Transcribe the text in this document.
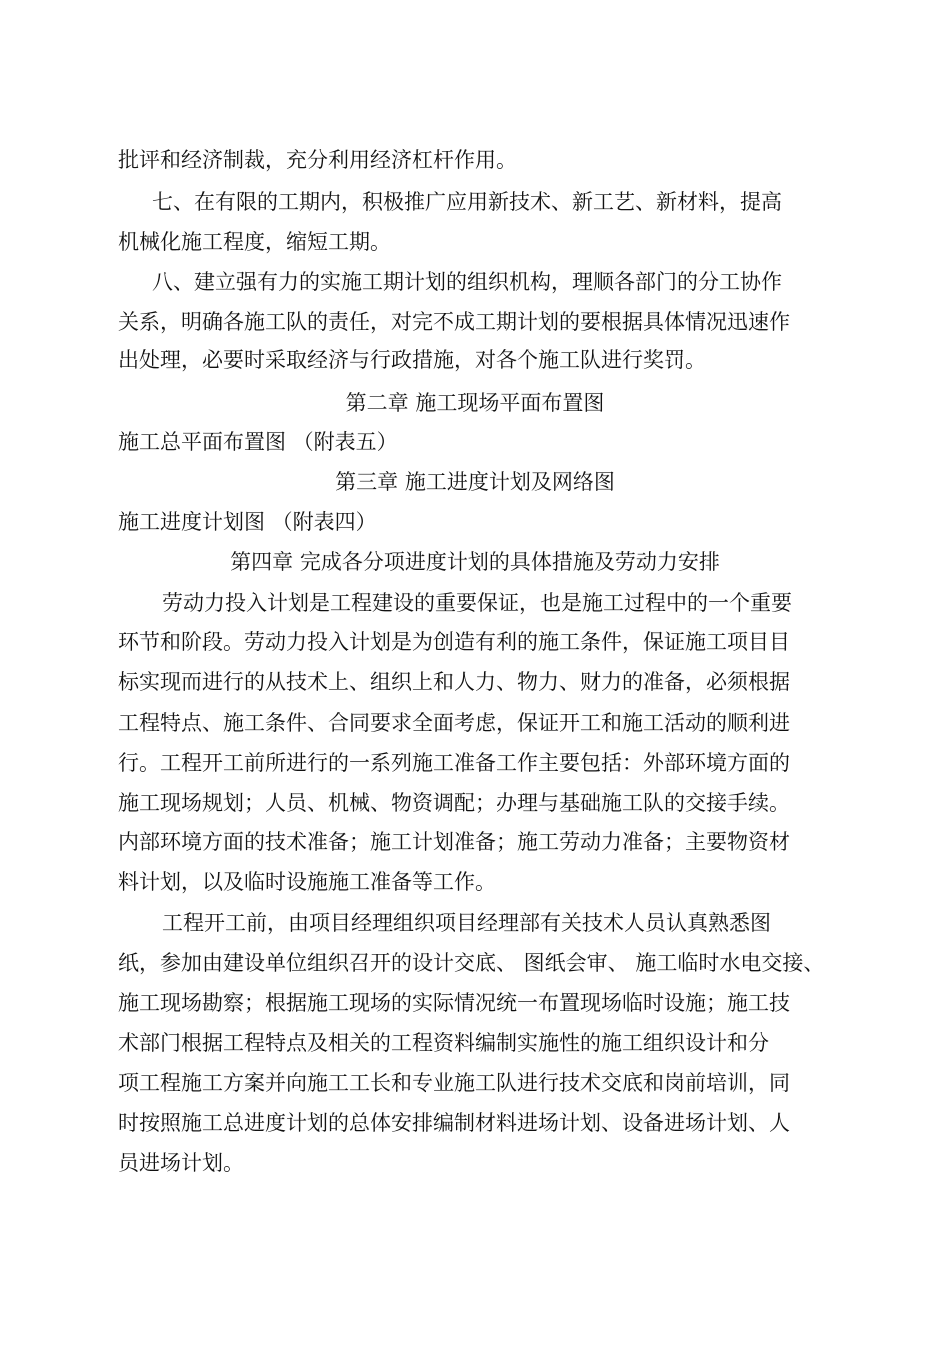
批评和经济制裁，充分利用经济杠杆作用。
七、在有限的工期内，积极推广应用新技术、新工艺、新材料，提高
机械化施工程度，缩短工期。
八、建立强有力的实施工期计划的组织机构，理顺各部门的分工协作
关系，明确各施工队的责任，对完不成工期计划的要根据具体情况迅速作
出处理，必要时采取经济与行政措施，对各个施工队进行奖罚。
第二章 施工现场平面布置图
施工总平面布置图 （附表五）
第三章 施工进度计划及网络图
施工进度计划图 （附表四）
第四章 完成各分项进度计划的具体措施及劳动力安排
劳动力投入计划是工程建设的重要保证，也是施工过程中的一个重要
环节和阶段。劳动力投入计划是为创造有利的施工条件，保证施工项目目
标实现而进行的从技术上、组织上和人力、物力、财力的准备，必须根据
工程特点、施工条件、合同要求全面考虑，保证开工和施工活动的顺利进
行。工程开工前所进行的一系列施工准备工作主要包括：外部环境方面的
施工现场规划；人员、机械、物资调配；办理与基础施工队的交接手续。
内部环境方面的技术准备；施工计划准备；施工劳动力准备；主要物资材
料计划，以及临时设施施工准备等工作。
工程开工前，由项目经理组织项目经理部有关技术人员认真熟悉图
纸，参加由建设单位组织召开的设计交底、 图纸会审、 施工临时水电交接、
施工现场勘察；根据施工现场的实际情况统一布置现场临时设施；施工技
术部门根据工程特点及相关的工程资料编制实施性的施工组织设计和分
项工程施工方案并向施工工长和专业施工队进行技术交底和岗前培训，同
时按照施工总进度计划的总体安排编制材料进场计划、设备进场计划、人
员进场计划。
